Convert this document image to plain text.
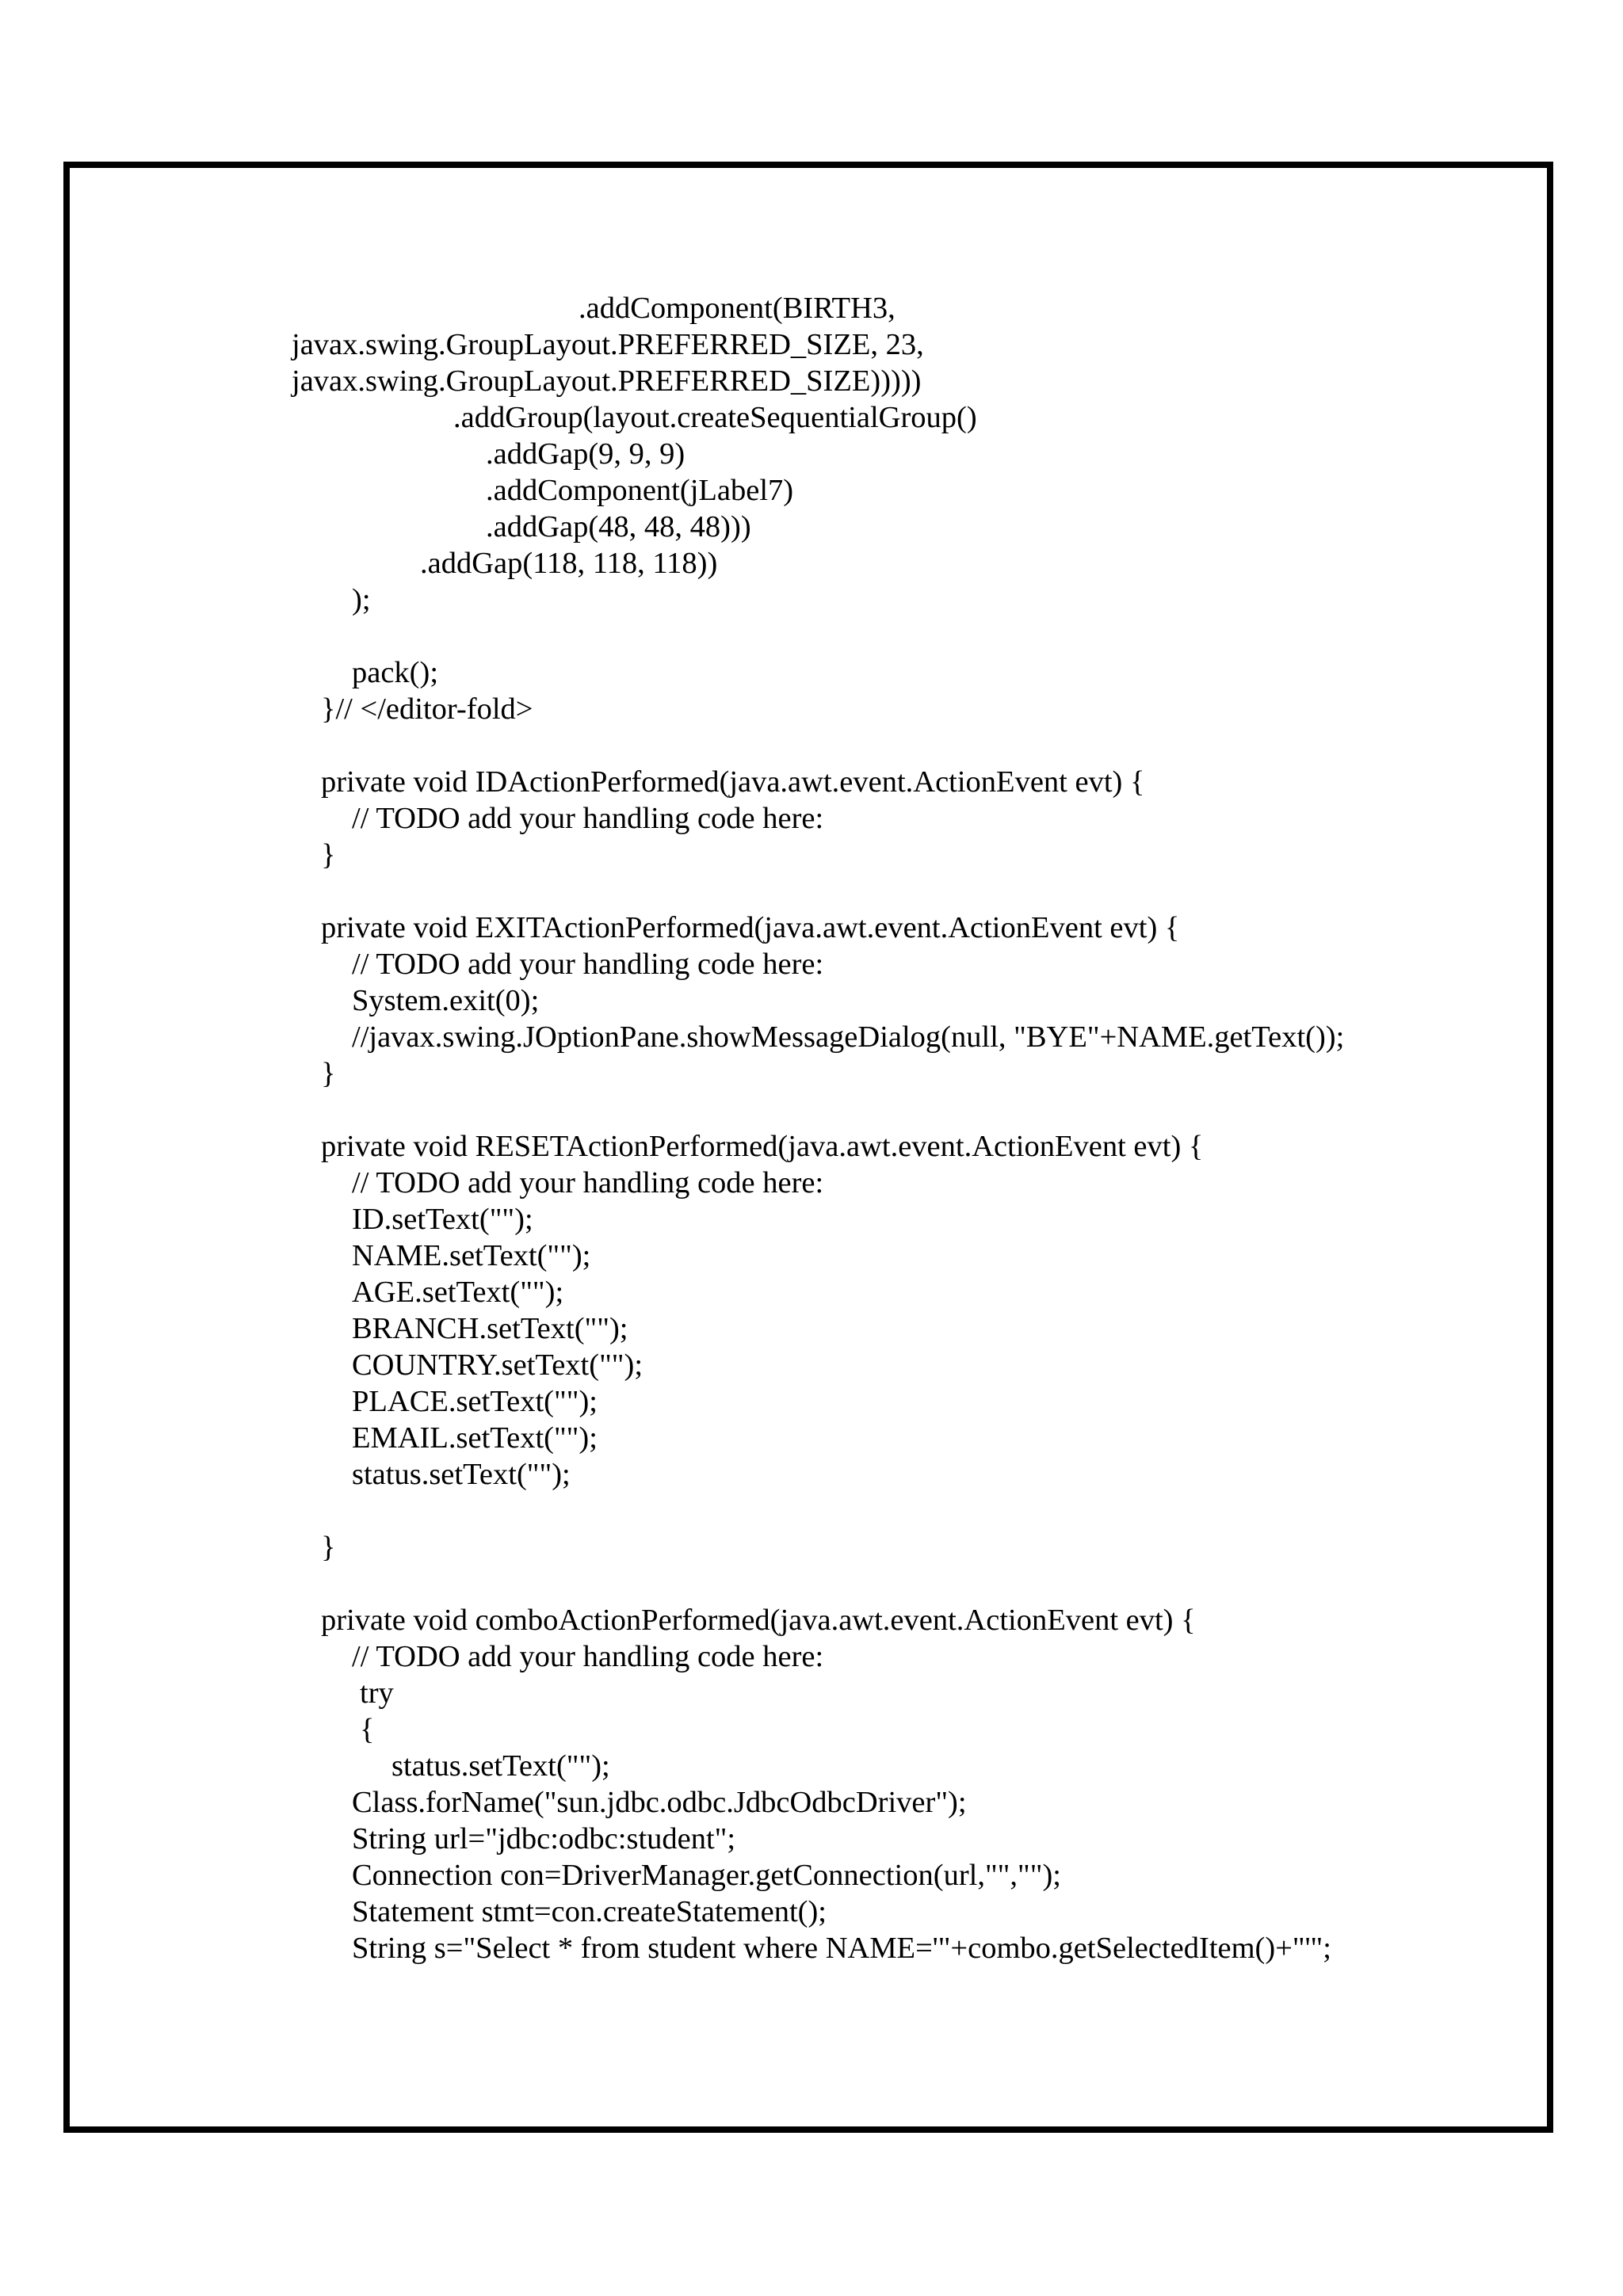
.addComponent(BIRTH3,
javax.swing.GroupLayout.PREFERRED_SIZE, 23,
javax.swing.GroupLayout.PREFERRED_SIZE)))))
.addGroup(layout.createSequentialGroup()
.addGap(9, 9, 9)
.addComponent(jLabel7)
.addGap(48, 48, 48)))
.addGap(118, 118, 118))
);
pack();
}// </editor-fold>
private void IDActionPerformed(java.awt.event.ActionEvent evt) {
// TODO add your handling code here:
}
private void EXITActionPerformed(java.awt.event.ActionEvent evt) {
// TODO add your handling code here:
System.exit(0);
//javax.swing.JOptionPane.showMessageDialog(null, "BYE"+NAME.getText());
}
private void RESETActionPerformed(java.awt.event.ActionEvent evt) {
// TODO add your handling code here:
ID.setText("");
NAME.setText("");
AGE.setText("");
BRANCH.setText("");
COUNTRY.setText("");
PLACE.setText("");
EMAIL.setText("");
status.setText("");
}
private void comboActionPerformed(java.awt.event.ActionEvent evt) {
// TODO add your handling code here:
try
{
status.setText("");
Class.forName("sun.jdbc.odbc.JdbcOdbcDriver");
String url="jdbc:odbc:student";
Connection con=DriverManager.getConnection(url,"","");
Statement stmt=con.createStatement();
String s="Select * from student where NAME='"+combo.getSelectedItem()+"'";
